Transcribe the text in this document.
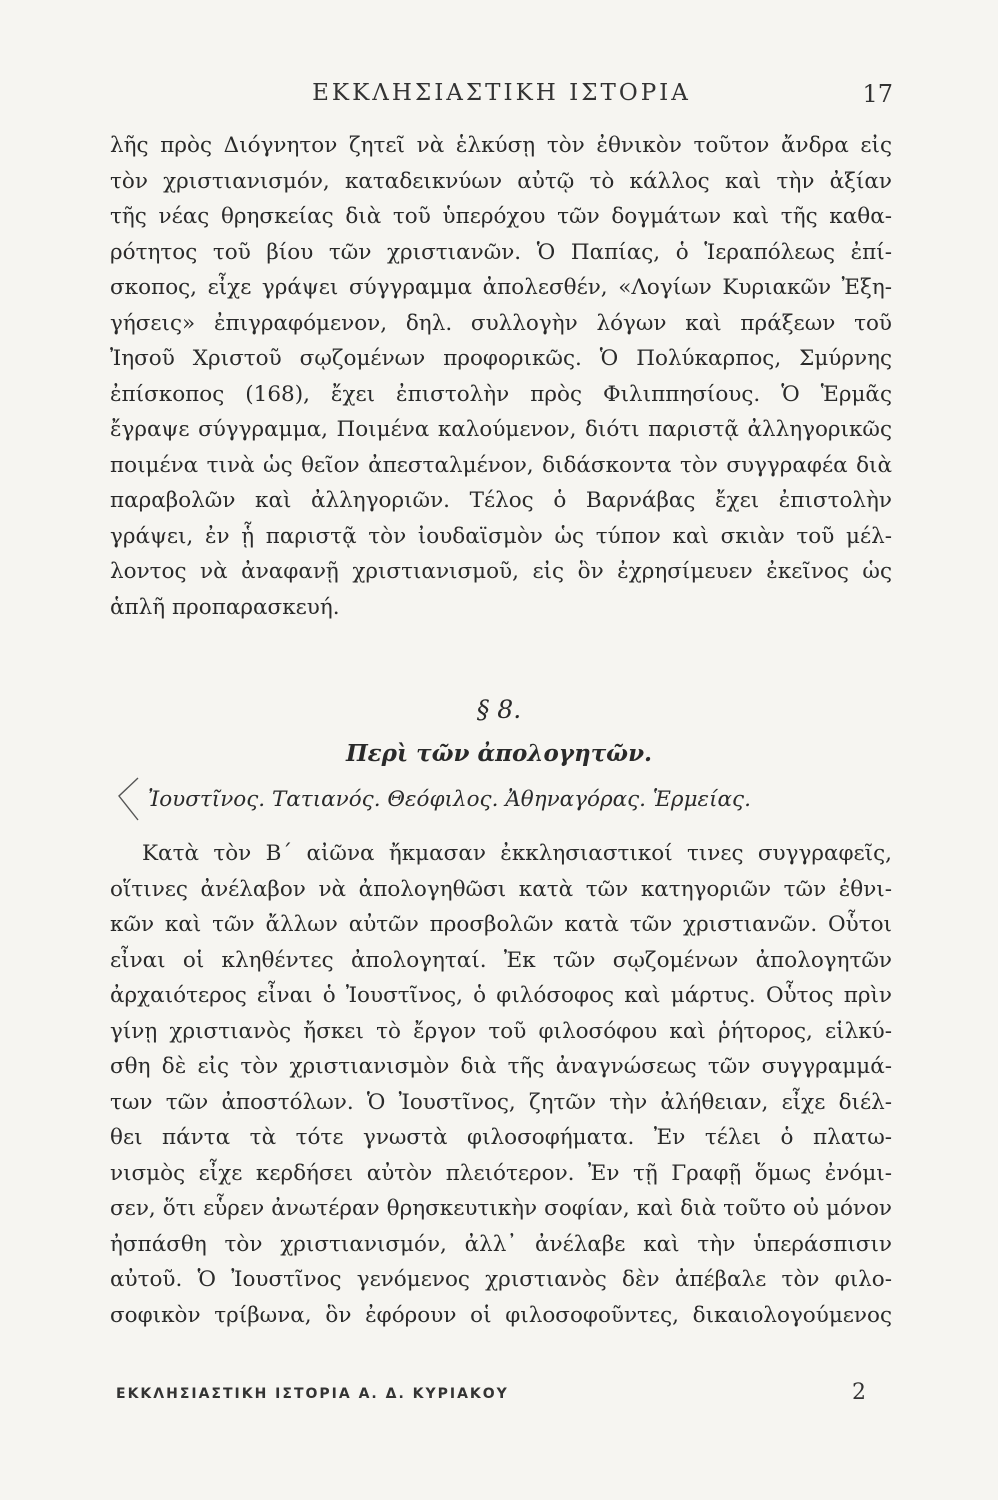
ΕΚΚΛΗΣΙΑΣΤΙΚΗ ΙΣΤΟΡΙΑ	17
λῆς πρὸς Διόγνητον ζητεῖ νὰ ἑλκύσῃ τὸν ἐθνικὸν τοῦτον ἄνδρα εἰς
τὸν χριστιανισμόν, καταδεικνύων αὐτῷ τὸ κάλλος καὶ τὴν ἀξίαν
τῆς νέας θρησκείας διὰ τοῦ ὑπερόχου τῶν δογμάτων καὶ τῆς καθα-
ρότητος τοῦ βίου τῶν χριστιανῶν. Ὁ Παπίας, ὁ Ἱεραπόλεως ἐπί-
σκοπος, εἶχε γράψει σύγγραμμα ἀπολεσθέν, «Λογίων Κυριακῶν Ἐξη-
γήσεις» ἐπιγραφόμενον, δηλ. συλλογὴν λόγων καὶ πράξεων τοῦ
Ἰησοῦ Χριστοῦ σῳζομένων προφορικῶς. Ὁ Πολύκαρπος, Σμύρνης
ἐπίσκοπος (168), ἔχει ἐπιστολὴν πρὸς Φιλιππησίους. Ὁ Ἑρμᾶς
ἔγραψε σύγγραμμα, Ποιμένα καλούμενον, διότι παριστᾷ ἀλληγορικῶς
ποιμένα τινὰ ὡς θεῖον ἀπεσταλμένον, διδάσκοντα τὸν συγγραφέα διὰ
παραβολῶν καὶ ἀλληγοριῶν. Τέλος ὁ Βαρνάβας ἔχει ἐπιστολὴν
γράψει, ἐν ᾗ παριστᾷ τὸν ἰουδαϊσμὸν ὡς τύπον καὶ σκιὰν τοῦ μέλ-
λοντος νὰ ἀναφανῇ χριστιανισμοῦ, εἰς ὃν ἐχρησίμευεν ἐκεῖνος ὡς
ἁπλῆ προπαρασκευή.
§ 8.
Περὶ τῶν ἀπολογητῶν.
Ἰουστῖνος. Τατιανός. Θεόφιλος. Ἀθηναγόρας. Ἑρμείας.
Κατὰ τὸν Β΄ αἰῶνα ἤκμασαν ἐκκλησιαστικοί τινες συγγραφεῖς,
οἵτινες ἀνέλαβον νὰ ἀπολογηθῶσι κατὰ τῶν κατηγοριῶν τῶν ἐθνι-
κῶν καὶ τῶν ἄλλων αὐτῶν προσβολῶν κατὰ τῶν χριστιανῶν. Οὗτοι
εἶναι οἱ κληθέντες ἀπολογηταί. Ἐκ τῶν σῳζομένων ἀπολογητῶν
ἀρχαιότερος εἶναι ὁ Ἰουστῖνος, ὁ φιλόσοφος καὶ μάρτυς. Οὗτος πρὶν
γίνῃ χριστιανὸς ἤσκει τὸ ἔργον τοῦ φιλοσόφου καὶ ῥήτορος, εἱλκύ-
σθη δὲ εἰς τὸν χριστιανισμὸν διὰ τῆς ἀναγνώσεως τῶν συγγραμμά-
των τῶν ἀποστόλων. Ὁ Ἰουστῖνος, ζητῶν τὴν ἀλήθειαν, εἶχε διέλ-
θει πάντα τὰ τότε γνωστὰ φιλοσοφήματα. Ἐν τέλει ὁ πλατω-
νισμὸς εἶχε κερδήσει αὐτὸν πλειότερον. Ἐν τῇ Γραφῇ ὅμως ἐνόμι-
σεν, ὅτι εὗρεν ἀνωτέραν θρησκευτικὴν σοφίαν, καὶ διὰ τοῦτο οὐ μόνον
ἠσπάσθη τὸν χριστιανισμόν, ἀλλ᾽ ἀνέλαβε καὶ τὴν ὑπεράσπισιν
αὐτοῦ. Ὁ Ἰουστῖνος γενόμενος χριστιανὸς δὲν ἀπέβαλε τὸν φιλο-
σοφικὸν τρίβωνα, ὃν ἐφόρουν οἱ φιλοσοφοῦντες, δικαιολογούμενος
ΕΚΚΛΗΣΙΑΣΤΙΚΗ ΙΣΤΟΡΙΑ Α. Δ. ΚΥΡΙΑΚΟΥ	2
